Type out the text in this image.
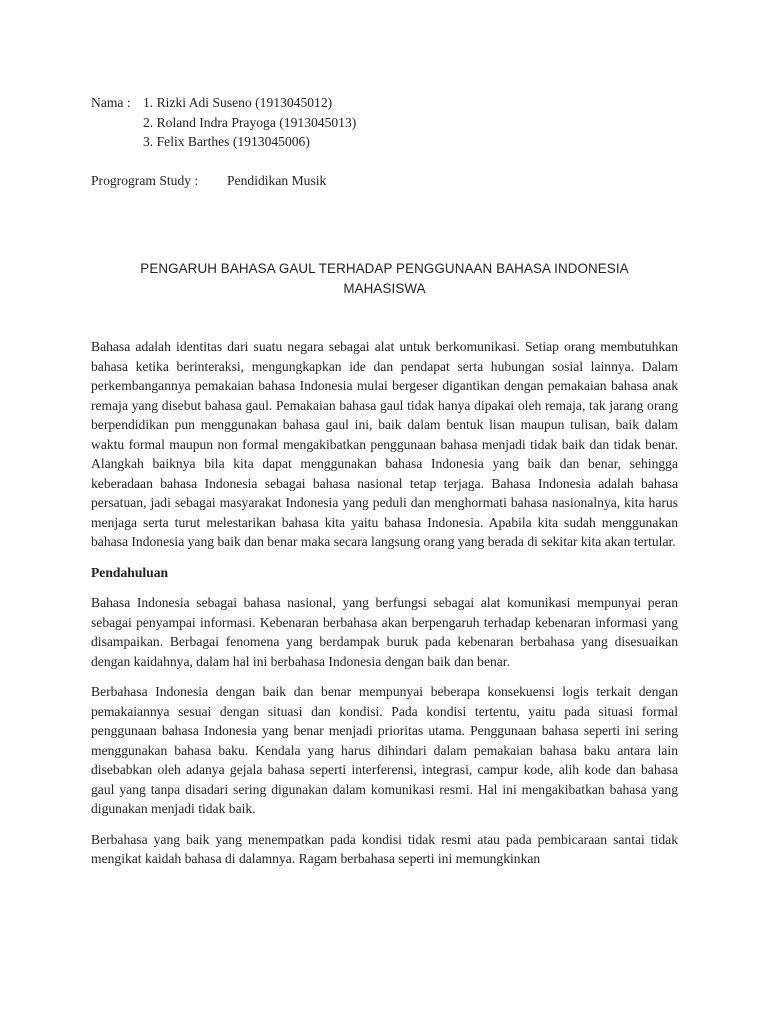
Nama : 1. Rizki Adi Suseno (1913045012)
2. Roland Indra Prayoga (1913045013)
3. Felix Barthes (1913045006)
Progrogram Study :	Pendidikan Musik
PENGARUH BAHASA GAUL TERHADAP PENGGUNAAN BAHASA INDONESIA
MAHASISWA

Bahasa adalah identitas dari suatu negara sebagai alat untuk berkomunikasi. Setiap orang membutuhkan bahasa ketika berinteraksi, mengungkapkan ide dan pendapat serta hubungan sosial lainnya. Dalam perkembangannya pemakaian bahasa Indonesia mulai bergeser digantikan dengan pemakaian bahasa anak remaja yang disebut bahasa gaul. Pemakaian bahasa gaul tidak hanya dipakai oleh remaja, tak jarang orang berpendidikan pun menggunakan bahasa gaul ini, baik dalam bentuk lisan maupun tulisan, baik dalam waktu formal maupun non formal mengakibatkan penggunaan bahasa menjadi tidak baik dan tidak benar. Alangkah baiknya bila kita dapat menggunakan bahasa Indonesia yang baik dan benar, sehingga keberadaan bahasa Indonesia sebagai bahasa nasional tetap terjaga. Bahasa Indonesia adalah bahasa persatuan, jadi sebagai masyarakat Indonesia yang peduli dan menghormati bahasa nasionalnya, kita harus menjaga serta turut melestarikan bahasa kita yaitu bahasa Indonesia. Apabila kita sudah menggunakan bahasa Indonesia yang baik dan benar maka secara langsung orang yang berada di sekitar kita akan tertular.

Pendahuluan

Bahasa Indonesia sebagai bahasa nasional, yang berfungsi sebagai alat komunikasi mempunyai peran sebagai penyampai informasi. Kebenaran berbahasa akan berpengaruh terhadap kebenaran informasi yang disampaikan. Berbagai fenomena yang berdampak buruk pada kebenaran berbahasa yang disesuaikan dengan kaidahnya, dalam hal ini berbahasa Indonesia dengan baik dan benar.

Berbahasa Indonesia dengan baik dan benar mempunyai beberapa konsekuensi logis terkait dengan pemakaiannya sesuai dengan situasi dan kondisi. Pada kondisi tertentu, yaitu pada situasi formal penggunaan bahasa Indonesia yang benar menjadi prioritas utama. Penggunaan bahasa seperti ini sering menggunakan bahasa baku. Kendala yang harus dihindari dalam pemakaian bahasa baku antara lain disebabkan oleh adanya gejala bahasa seperti interferensi, integrasi, campur kode, alih kode dan bahasa gaul yang tanpa disadari sering digunakan dalam komunikasi resmi. Hal ini mengakibatkan bahasa yang digunakan menjadi tidak baik.

Berbahasa yang baik yang menempatkan pada kondisi tidak resmi atau pada pembicaraan santai tidak mengikat kaidah bahasa di dalamnya. Ragam berbahasa seperti ini memungkinkan
